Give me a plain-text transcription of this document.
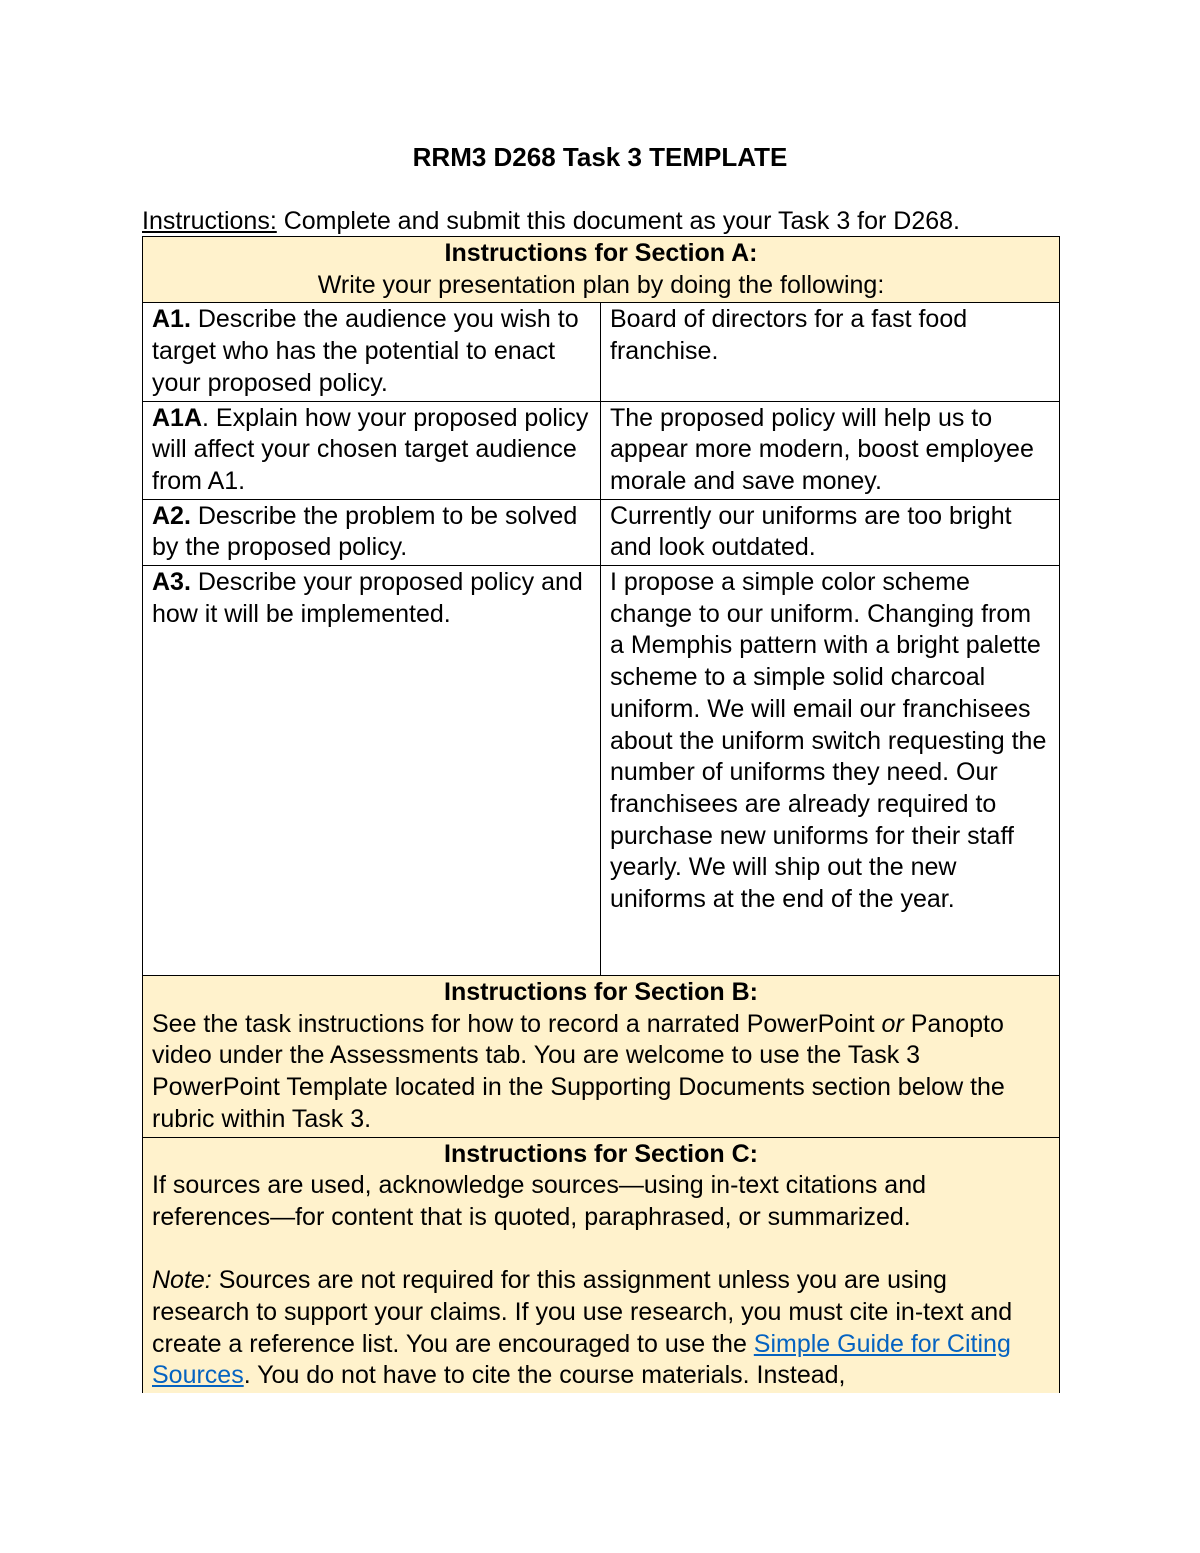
RRM3 D268 Task 3 TEMPLATE
Instructions: Complete and submit this document as your Task 3 for D268.
Instructions for Section A:
Write your presentation plan by doing the following:	

A1. Describe the audience you wish to target who has the potential to enact your proposed policy.	Board of directors for a fast food franchise.
A1A. Explain how your proposed policy will affect your chosen target audience from A1.	The proposed policy will help us to appear more modern, boost employee morale and save money.
A2. Describe the problem to be solved by the proposed policy.	Currently our uniforms are too bright and look outdated.
A3. Describe your proposed policy and how it will be implemented.	I propose a simple color scheme change to our uniform. Changing from a Memphis pattern with a bright palette scheme to a simple solid charcoal uniform. We will email our franchisees about the uniform switch requesting the number of uniforms they need. Our franchisees are already required to purchase new uniforms for their staff yearly. We will ship out the new uniforms at the end of the year.

Instructions for Section B:
See the task instructions for how to record a narrated PowerPoint or Panopto video under the Assessments tab. You are welcome to use the Task 3 PowerPoint Template located in the Supporting Documents section below the rubric within Task 3.	

Instructions for Section C:
If sources are used, acknowledge sources—using in-text citations and references—for content that is quoted, paraphrased, or summarized.
Note: Sources are not required for this assignment unless you are using research to support your claims. If you use research, you must cite in-text and create a reference list. You are encouraged to use the Simple Guide for Citing Sources. You do not have to cite the course materials. Instead,	
